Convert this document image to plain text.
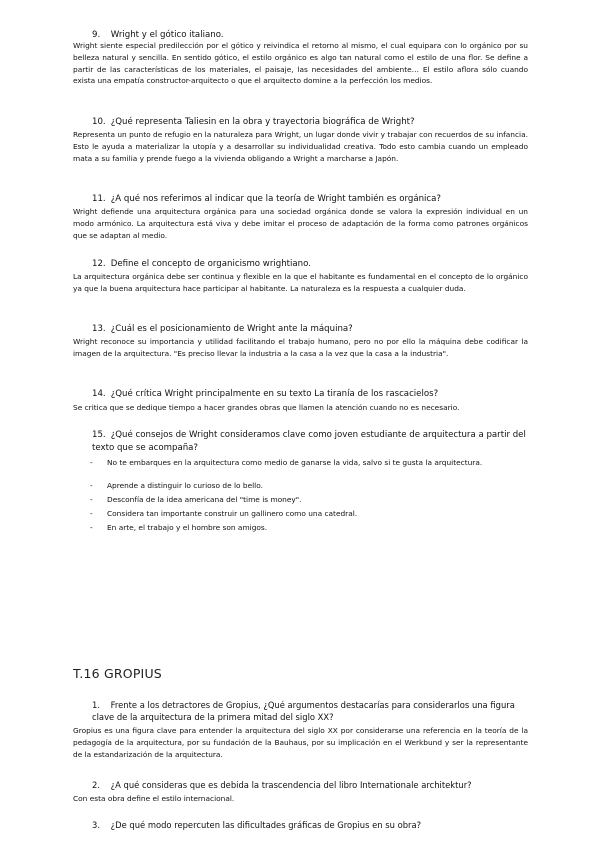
9. Wright y el gótico italiano.
Wright siente especial predilección por el gótico y reivindica el retorno al mismo, el cual equipara con lo orgánico por su belleza natural y sencilla. En sentido gótico, el estilo orgánico es algo tan natural como el estilo de una flor. Se define a partir de las características de los materiales, el paisaje, las necesidades del ambiente… El estilo aflora sólo cuando exista una empatía constructor-arquitecto o que el arquitecto domine a la perfección los medios.
10. ¿Qué representa Taliesin en la obra y trayectoria biográfica de Wright?
Representa un punto de refugio en la naturaleza para Wright, un lugar donde vivir y trabajar con recuerdos de su infancia. Esto le ayuda a materializar la utopía y a desarrollar su individualidad creativa. Todo esto cambia cuando un empleado mata a su familia y prende fuego a la vivienda obligando a Wright a marcharse a Japón.
11. ¿A qué nos referimos al indicar que la teoría de Wright también es orgánica?
Wright defiende una arquitectura orgánica para una sociedad orgánica donde se valora la expresión individual en un modo armónico. La arquitectura está viva y debe imitar el proceso de adaptación de la forma como patrones orgánicos que se adaptan al medio.
12. Define el concepto de organicismo wrightiano.
La arquitectura orgánica debe ser continua y flexible en la que el habitante es fundamental en el concepto de lo orgánico ya que la buena arquitectura hace participar al habitante. La naturaleza es la respuesta a cualquier duda.
13. ¿Cuál es el posicionamiento de Wright ante la máquina?
Wright reconoce su importancia y utilidad facilitando el trabajo humano, pero no por ello la máquina debe codificar la imagen de la arquitectura. "Es preciso llevar la industria a la casa a la vez que la casa a la industria".
14. ¿Qué crítica Wright principalmente en su texto La tiranía de los rascacielos?
Se critica que se dedique tiempo a hacer grandes obras que llamen la atención cuando no es necesario.
15. ¿Qué consejos de Wright consideramos clave como joven estudiante de arquitectura a partir del texto que se acompaña?
- No te embarques en la arquitectura como medio de ganarse la vida, salvo si te gusta la arquitectura.
- Aprende a distinguir lo curioso de lo bello.
- Desconfía de la idea americana del "time is money".
- Considera tan importante construir un gallinero como una catedral.
- En arte, el trabajo y el hombre son amigos.
T.16 GROPIUS
1. Frente a los detractores de Gropius, ¿Qué argumentos destacarías para considerarlos una figura clave de la arquitectura de la primera mitad del siglo XX?
Gropius es una figura clave para entender la arquitectura del siglo XX por considerarse una referencia en la teoría de la pedagogía de la arquitectura, por su fundación de la Bauhaus, por su implicación en el Werkbund y ser la representante de la estandarización de la arquitectura.
2. ¿A qué consideras que es debida la trascendencia del libro Internationale architektur?
Con esta obra define el estilo internacional.
3. ¿De qué modo repercuten las dificultades gráficas de Gropius en su obra?
